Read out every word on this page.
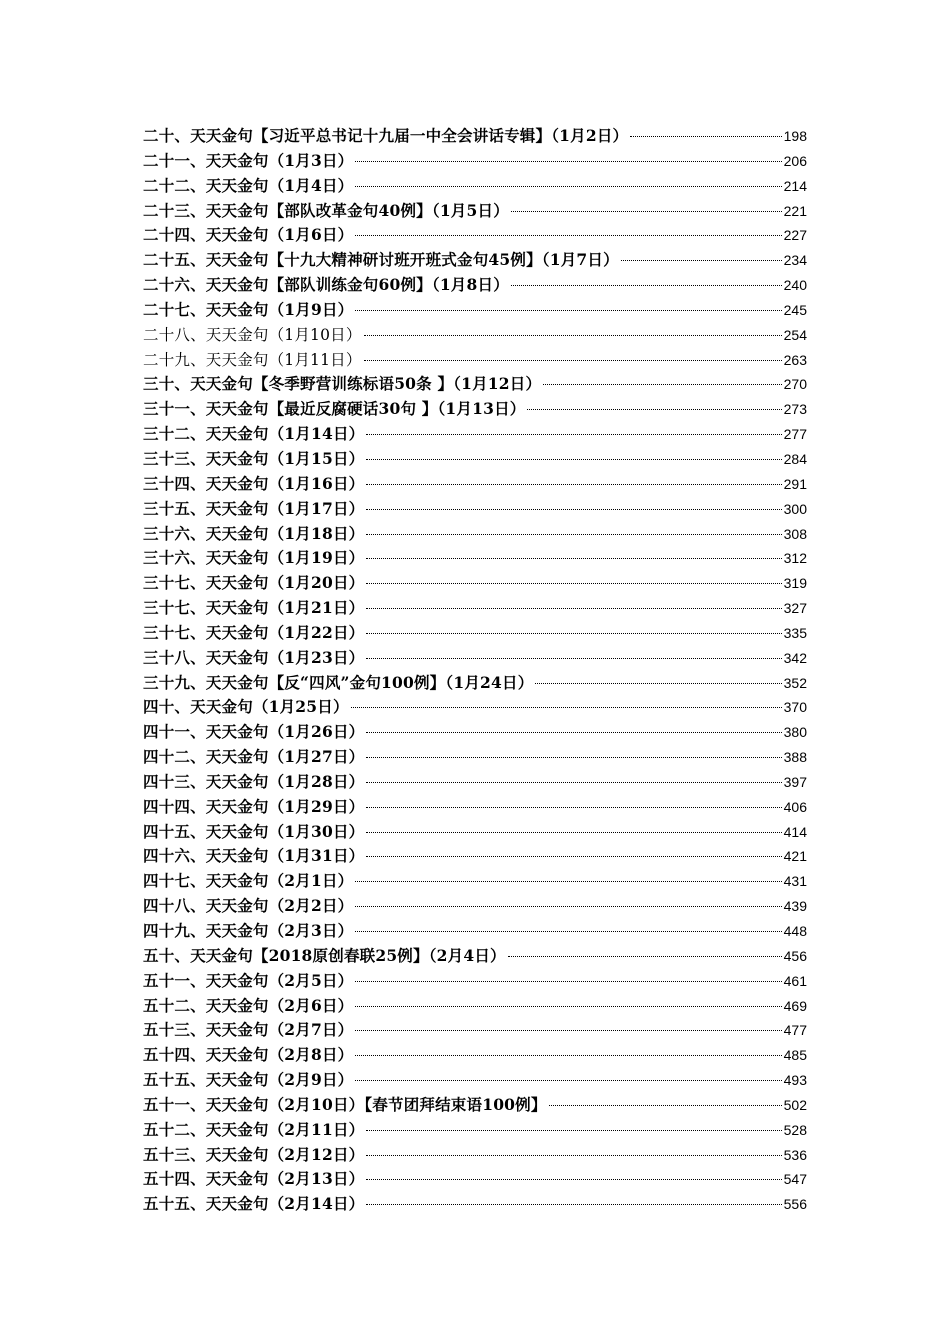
二十、天天金句【习近平总书记十九届一中全会讲话专辑】（1月2日）	198
二十一、天天金句（1月3日）	206
二十二、天天金句（1月4日）	214
二十三、天天金句【部队改革金句40例】（1月5日）	221
二十四、天天金句（1月6日）	227
二十五、天天金句【十九大精神研讨班开班式金句45例】（1月7日）	234
二十六、天天金句【部队训练金句60例】（1月8日）	240
二十七、天天金句（1月9日）	245
二十八、天天金句（1月10日）	254
二十九、天天金句（1月11日）	263
三十、天天金句【冬季野营训练标语50条 】（1月12日）	270
三十一、天天金句【最近反腐硬话30句 】（1月13日）	273
三十二、天天金句（1月14日）	277
三十三、天天金句（1月15日）	284
三十四、天天金句（1月16日）	291
三十五、天天金句（1月17日）	300
三十六、天天金句（1月18日）	308
三十六、天天金句（1月19日）	312
三十七、天天金句（1月20日）	319
三十七、天天金句（1月21日）	327
三十七、天天金句（1月22日）	335
三十八、天天金句（1月23日）	342
三十九、天天金句【反“四风”金句100例】（1月24日）	352
四十、天天金句（1月25日）	370
四十一、天天金句（1月26日）	380
四十二、天天金句（1月27日）	388
四十三、天天金句（1月28日）	397
四十四、天天金句（1月29日）	406
四十五、天天金句（1月30日）	414
四十六、天天金句（1月31日）	421
四十七、天天金句（2月1日）	431
四十八、天天金句（2月2日）	439
四十九、天天金句（2月3日）	448
五十、天天金句【2018原创春联25例】（2月4日）	456
五十一、天天金句（2月5日）	461
五十二、天天金句（2月6日）	469
五十三、天天金句（2月7日）	477
五十四、天天金句（2月8日）	485
五十五、天天金句（2月9日）	493
五十一、天天金句（2月10日）【春节团拜结束语100例】	502
五十二、天天金句（2月11日）	528
五十三、天天金句（2月12日）	536
五十四、天天金句（2月13日）	547
五十五、天天金句（2月14日）	556
